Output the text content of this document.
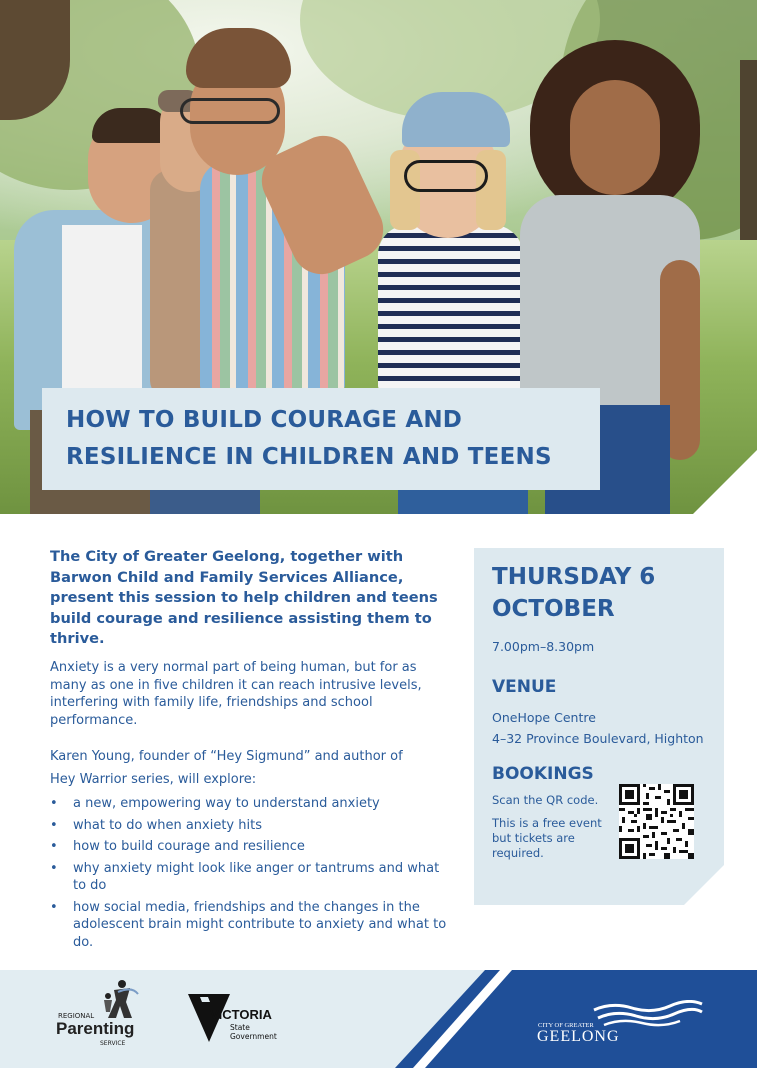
HOW TO BUILD COURAGE AND
RESILIENCE IN CHILDREN AND TEENS
The City of Greater Geelong, together with Barwon Child and Family Services Alliance, present this session to help children and teens build courage and resilience assisting them to thrive.
Anxiety is a very normal part of being human, but for as many as one in five children it can reach intrusive levels, interfering with family life, friendships and school performance.
Karen Young, founder of “Hey Sigmund” and author of
Hey Warrior series, will explore:
• a new, empowering way to understand anxiety
• what to do when anxiety hits
• how to build courage and resilience
• why anxiety might look like anger or tantrums and what to do
• how social media, friendships and the changes in the adolescent brain might contribute to anxiety and what to do.
THURSDAY 6
OCTOBER
7.00pm–8.30pm
VENUE
OneHope Centre
4–32 Province Boulevard, Highton
BOOKINGS
Scan the QR code.
This is a free event
but tickets are
required.
REGIONAL
Parenting
SERVICE
VICTORIA
State
Government
CITY OF GREATER
GEELONG
